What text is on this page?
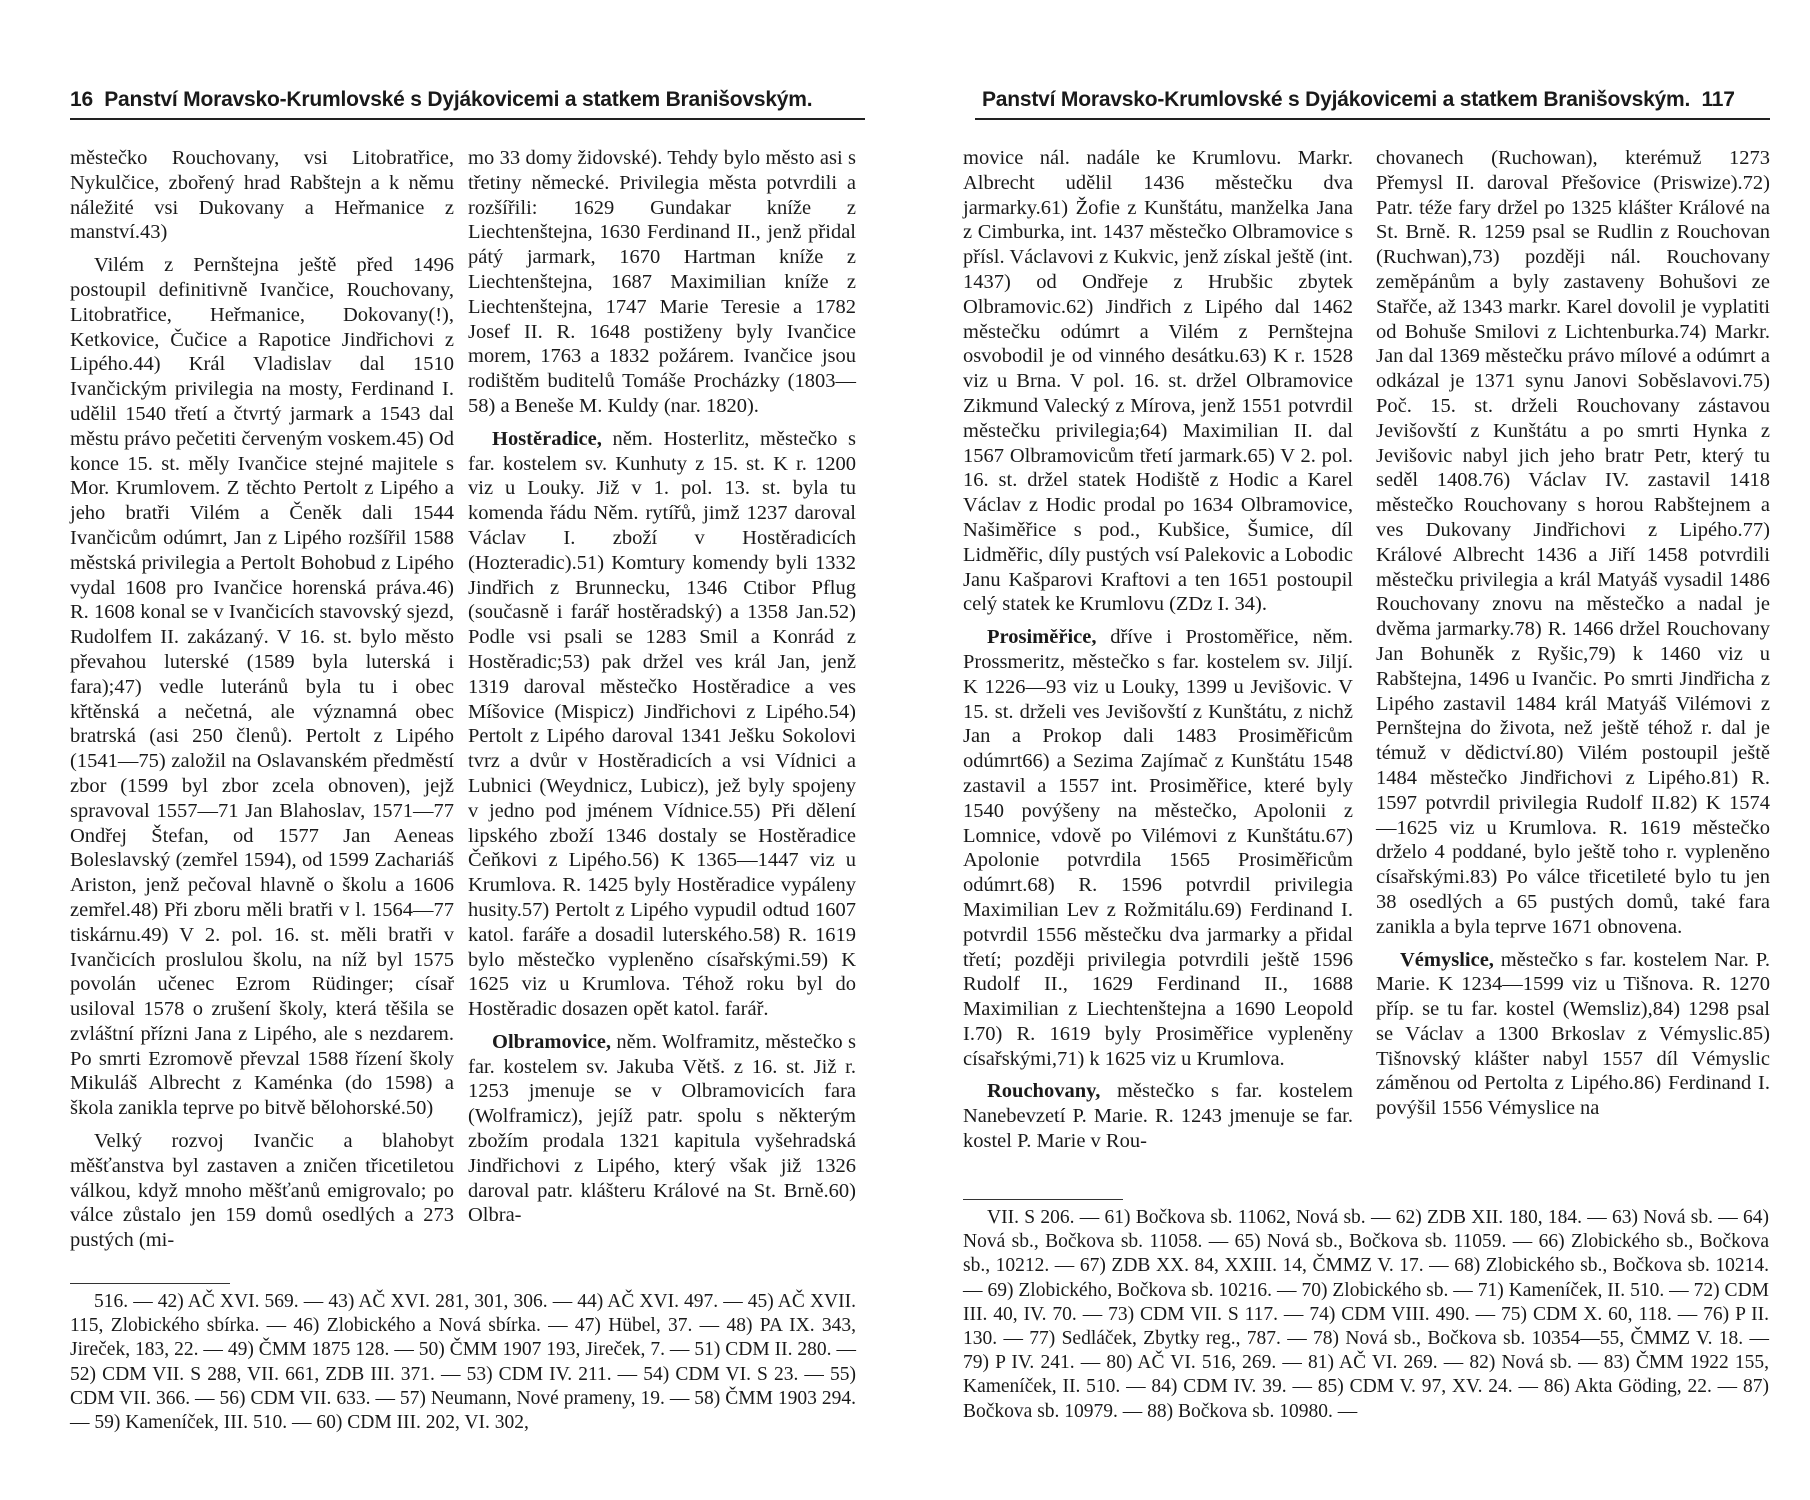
16 Panství Moravsko-Krumlovské s Dyjákovicemi a statkem Branišovským.

městečko Rouchovany, vsi Litobratřice, Nykulčice, zbořený hrad Rabštejn a k němu náležité vsi Dukovany a Heřmanice z manství.43)

Vilém z Pernštejna ještě před 1496 postoupil definitivně Ivančice, Rouchovany, Litobratřice, Heřmanice, Dokovany(!), Ketkovice, Čučice a Rapotice Jindřichovi z Lipého.44) Král Vladislav dal 1510 Ivančickým privilegia na mosty, Ferdinand I. udělil 1540 třetí a čtvrtý jarmark a 1543 dal městu právo pečetiti červeným voskem.45) Od konce 15. st. měly Ivančice stejné majitele s Mor. Krumlovem. Z těchto Pertolt z Lipého a jeho bratři Vilém a Čeněk dali 1544 Ivančicům odúmrt, Jan z Lipého rozšířil 1588 městská privilegia a Pertolt Bohobud z Lipého vydal 1608 pro Ivančice horenská práva.46) R. 1608 konal se v Ivančicích stavovský sjezd, Rudolfem II. zakázaný. V 16. st. bylo město převahou luterské (1589 byla luterská i fara);47) vedle luteránů byla tu i obec křtěnská a nečetná, ale významná obec bratrská (asi 250 členů). Pertolt z Lipého (1541—75) založil na Oslavanském předměstí zbor (1599 byl zbor zcela obnoven), jejž spravoval 1557—71 Jan Blahoslav, 1571—77 Ondřej Štefan, od 1577 Jan Aeneas Boleslavský (zemřel 1594), od 1599 Zachariáš Ariston, jenž pečoval hlavně o školu a 1606 zemřel.48) Při zboru měli bratři v l. 1564—77 tiskárnu.49) V 2. pol. 16. st. měli bratři v Ivančicích proslulou školu, na níž byl 1575 povolán učenec Ezrom Rüdinger; císař usiloval 1578 o zrušení školy, která těšila se zvláštní přízni Jana z Lipého, ale s nezdarem. Po smrti Ezromově převzal 1588 řízení školy Mikuláš Albrecht z Kaménka (do 1598) a škola zanikla teprve po bitvě bělohorské.50)

Velký rozvoj Ivančic a blahobyt měšťanstva byl zastaven a zničen třicetiletou válkou, když mnoho měšťanů emigrovalo; po válce zůstalo jen 159 domů osedlých a 273 pustých (mi-

mo 33 domy židovské). Tehdy bylo město asi s třetiny německé. Privilegia města potvrdili a rozšířili: 1629 Gundakar kníže z Liechtenštejna, 1630 Ferdinand II., jenž přidal pátý jarmark, 1670 Hartman kníže z Liechtenštejna, 1687 Maximilian kníže z Liechtenštejna, 1747 Marie Teresie a 1782 Josef II. R. 1648 postiženy byly Ivančice morem, 1763 a 1832 požárem. Ivančice jsou rodištěm buditelů Tomáše Procházky (1803—58) a Beneše M. Kuldy (nar. 1820).

Hostěradice, něm. Hosterlitz, městečko s far. kostelem sv. Kunhuty z 15. st. K r. 1200 viz u Louky. Již v 1. pol. 13. st. byla tu komenda řádu Něm. rytířů, jimž 1237 daroval Václav I. zboží v Hostěradicích (Hozteradic).51) Komtury komendy byli 1332 Jindřich z Brunnecku, 1346 Ctibor Pflug (současně i farář hostěradský) a 1358 Jan.52) Podle vsi psali se 1283 Smil a Konrád z Hostěradic;53) pak držel ves král Jan, jenž 1319 daroval městečko Hostěradice a ves Míšovice (Mispicz) Jindřichovi z Lipého.54) Pertolt z Lipého daroval 1341 Ješku Sokolovi tvrz a dvůr v Hostěradicích a vsi Vídnici a Lubnici (Weydnicz, Lubicz), jež byly spojeny v jedno pod jménem Vídnice.55) Při dělení lipského zboží 1346 dostaly se Hostěradice Čeňkovi z Lipého.56) K 1365—1447 viz u Krumlova. R. 1425 byly Hostěradice vypáleny husity.57) Pertolt z Lipého vypudil odtud 1607 katol. faráře a dosadil luterského.58) R. 1619 bylo městečko vypleněno císařskými.59) K 1625 viz u Krumlova. Téhož roku byl do Hostěradic dosazen opět katol. farář.

Olbramovice, něm. Wolframitz, městečko s far. kostelem sv. Jakuba Větš. z 16. st. Již r. 1253 jmenuje se v Olbramovicích fara (Wolframicz), jejíž patr. spolu s některým zbožím prodala 1321 kapitula vyšehradská Jindřichovi z Lipého, který však již 1326 daroval patr. klášteru Králové na St. Brně.60) Olbra-

516. — 42) AČ XVI. 569. — 43) AČ XVI. 281, 301, 306. — 44) AČ XVI. 497. — 45) AČ XVII. 115, Zlobického sbírka. — 46) Zlobického a Nová sbírka. — 47) Hübel, 37. — 48) PA IX. 343, Jireček, 183, 22. — 49) ČMM 1875 128. — 50) ČMM 1907 193, Jireček, 7. — 51) CDM II. 280. — 52) CDM VII. S 288, VII. 661, ZDB III. 371. — 53) CDM IV. 211. — 54) CDM VI. S 23. — 55) CDM VII. 366. — 56) CDM VII. 633. — 57) Neumann, Nové prameny, 19. — 58) ČMM 1903 294. — 59) Kameníček, III. 510. — 60) CDM III. 202, VI. 302,
Panství Moravsko-Krumlovské s Dyjákovicemi a statkem Branišovským. 117

movice nál. nadále ke Krumlovu. Markr. Albrecht udělil 1436 městečku dva jarmarky.61) Žofie z Kunštátu, manželka Jana z Cimburka, int. 1437 městečko Olbramovice s přísl. Václavovi z Kukvic, jenž získal ještě (int. 1437) od Ondřeje z Hrubšic zbytek Olbramovic.62) Jindřich z Lipého dal 1462 městečku odúmrt a Vilém z Pernštejna osvobodil je od vinného desátku.63) K r. 1528 viz u Brna. V pol. 16. st. držel Olbramovice Zikmund Valecký z Mírova, jenž 1551 potvrdil městečku privilegia;64) Maximilian II. dal 1567 Olbramovicům třetí jarmark.65) V 2. pol. 16. st. držel statek Hodiště z Hodic a Karel Václav z Hodic prodal po 1634 Olbramovice, Našiměřice s pod., Kubšice, Šumice, díl Lidměřic, díly pustých vsí Palekovic a Lobodic Janu Kašparovi Kraftovi a ten 1651 postoupil celý statek ke Krumlovu (ZDz I. 34).

Prosiměřice, dříve i Prostoměřice, něm. Prossmeritz, městečko s far. kostelem sv. Jiljí. K 1226—93 viz u Louky, 1399 u Jevišovic. V 15. st. drželi ves Jevišovští z Kunštátu, z nichž Jan a Prokop dali 1483 Prosiměřicům odúmrt66) a Sezima Zajímač z Kunštátu 1548 zastavil a 1557 int. Prosiměřice, které byly 1540 povýšeny na městečko, Apolonii z Lomnice, vdově po Vilémovi z Kunštátu.67) Apolonie potvrdila 1565 Prosiměřicům odúmrt.68) R. 1596 potvrdil privilegia Maximilian Lev z Rožmitálu.69) Ferdinand I. potvrdil 1556 městečku dva jarmarky a přidal třetí; později privilegia potvrdili ještě 1596 Rudolf II., 1629 Ferdinand II., 1688 Maximilian z Liechtenštejna a 1690 Leopold I.70) R. 1619 byly Prosiměřice vypleněny císařskými,71) k 1625 viz u Krumlova.

Rouchovany, městečko s far. kostelem Nanebevzetí P. Marie. R. 1243 jmenuje se far. kostel P. Marie v Rou-

chovanech (Ruchowan), kterémuž 1273 Přemysl II. daroval Přešovice (Priswize).72) Patr. téže fary držel po 1325 klášter Králové na St. Brně. R. 1259 psal se Rudlin z Rouchovan (Ruchwan),73) později nál. Rouchovany zeměpánům a byly zastaveny Bohušovi ze Stařče, až 1343 markr. Karel dovolil je vyplatiti od Bohuše Smilovi z Lichtenburka.74) Markr. Jan dal 1369 městečku právo mílové a odúmrt a odkázal je 1371 synu Janovi Soběslavovi.75) Poč. 15. st. drželi Rouchovany zástavou Jevišovští z Kunštátu a po smrti Hynka z Jevišovic nabyl jich jeho bratr Petr, který tu seděl 1408.76) Václav IV. zastavil 1418 městečko Rouchovany s horou Rabštejnem a ves Dukovany Jindřichovi z Lipého.77) Králové Albrecht 1436 a Jiří 1458 potvrdili městečku privilegia a král Matyáš vysadil 1486 Rouchovany znovu na městečko a nadal je dvěma jarmarky.78) R. 1466 držel Rouchovany Jan Bohuněk z Ryšic,79) k 1460 viz u Rabštejna, 1496 u Ivančic. Po smrti Jindřicha z Lipého zastavil 1484 král Matyáš Vilémovi z Pernštejna do života, než ještě téhož r. dal je témuž v dědictví.80) Vilém postoupil ještě 1484 městečko Jindřichovi z Lipého.81) R. 1597 potvrdil privilegia Rudolf II.82) K 1574—1625 viz u Krumlova. R. 1619 městečko drželo 4 poddané, bylo ještě toho r. vypleněno císařskými.83) Po válce třicetileté bylo tu jen 38 osedlých a 65 pustých domů, také fara zanikla a byla teprve 1671 obnovena.

Vémyslice, městečko s far. kostelem Nar. P. Marie. K 1234—1599 viz u Tišnova. R. 1270 příp. se tu far. kostel (Wemsliz),84) 1298 psal se Václav a 1300 Brkoslav z Vémyslic.85) Tišnovský klášter nabyl 1557 díl Vémyslic záměnou od Pertolta z Lipého.86) Ferdinand I. povýšil 1556 Vémyslice na

VII. S 206. — 61) Bočkova sb. 11062, Nová sb. — 62) ZDB XII. 180, 184. — 63) Nová sb. — 64) Nová sb., Bočkova sb. 11058. — 65) Nová sb., Bočkova sb. 11059. — 66) Zlobického sb., Bočkova sb., 10212. — 67) ZDB XX. 84, XXIII. 14, ČMMZ V. 17. — 68) Zlobického sb., Bočkova sb. 10214. — 69) Zlobického, Bočkova sb. 10216. — 70) Zlobického sb. — 71) Kameníček, II. 510. — 72) CDM III. 40, IV. 70. — 73) CDM VII. S 117. — 74) CDM VIII. 490. — 75) CDM X. 60, 118. — 76) P II. 130. — 77) Sedláček, Zbytky reg., 787. — 78) Nová sb., Bočkova sb. 10354—55, ČMMZ V. 18. — 79) P IV. 241. — 80) AČ VI. 516, 269. — 81) AČ VI. 269. — 82) Nová sb. — 83) ČMM 1922 155, Kameníček, II. 510. — 84) CDM IV. 39. — 85) CDM V. 97, XV. 24. — 86) Akta Göding, 22. — 87) Bočkova sb. 10979. — 88) Bočkova sb. 10980. —
